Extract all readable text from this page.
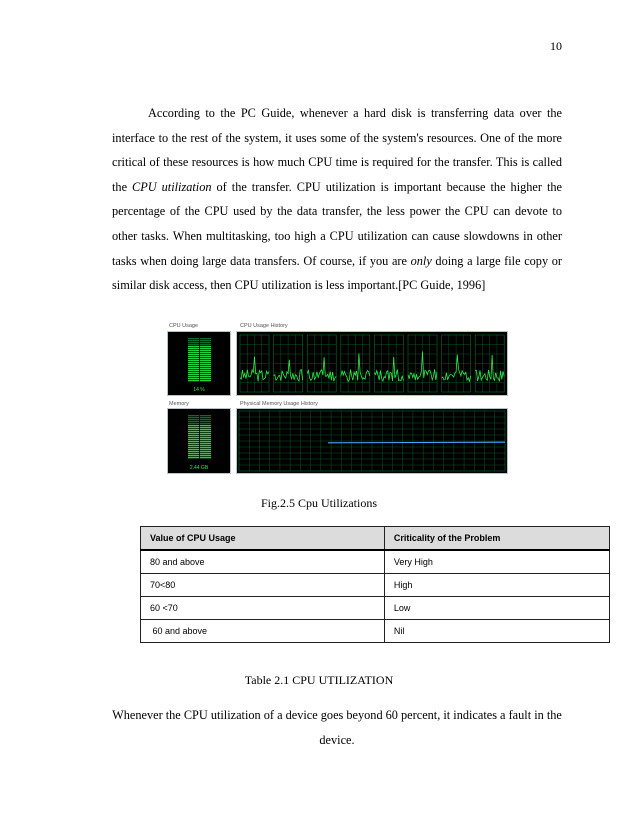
10

According to the PC Guide, whenever a hard disk is transferring data over the interface to the rest of the system, it uses some of the system's resources. One of the more critical of these resources is how much CPU time is required for the transfer. This is called the CPU utilization of the transfer. CPU utilization is important because the higher the percentage of the CPU used by the data transfer, the less power the CPU can devote to other tasks. When multitasking, too high a CPU utilization can cause slowdowns in other tasks when doing large data transfers. Of course, if you are only doing a large file copy or similar disk access, then CPU utilization is less important.[PC Guide, 1996]

CPU Usage	CPU Usage History
Memory	Physical Memory Usage History
14 %
2.44 GB
Fig.2.5 Cpu Utilizations
Value of CPU Usage	Criticality of the Problem
80 and above	Very High
70<80	High
60 <70	Low
60 and above	Nil
Table 2.1 CPU UTILIZATION

Whenever the CPU utilization of a device goes beyond 60 percent, it indicates a fault in the device.
